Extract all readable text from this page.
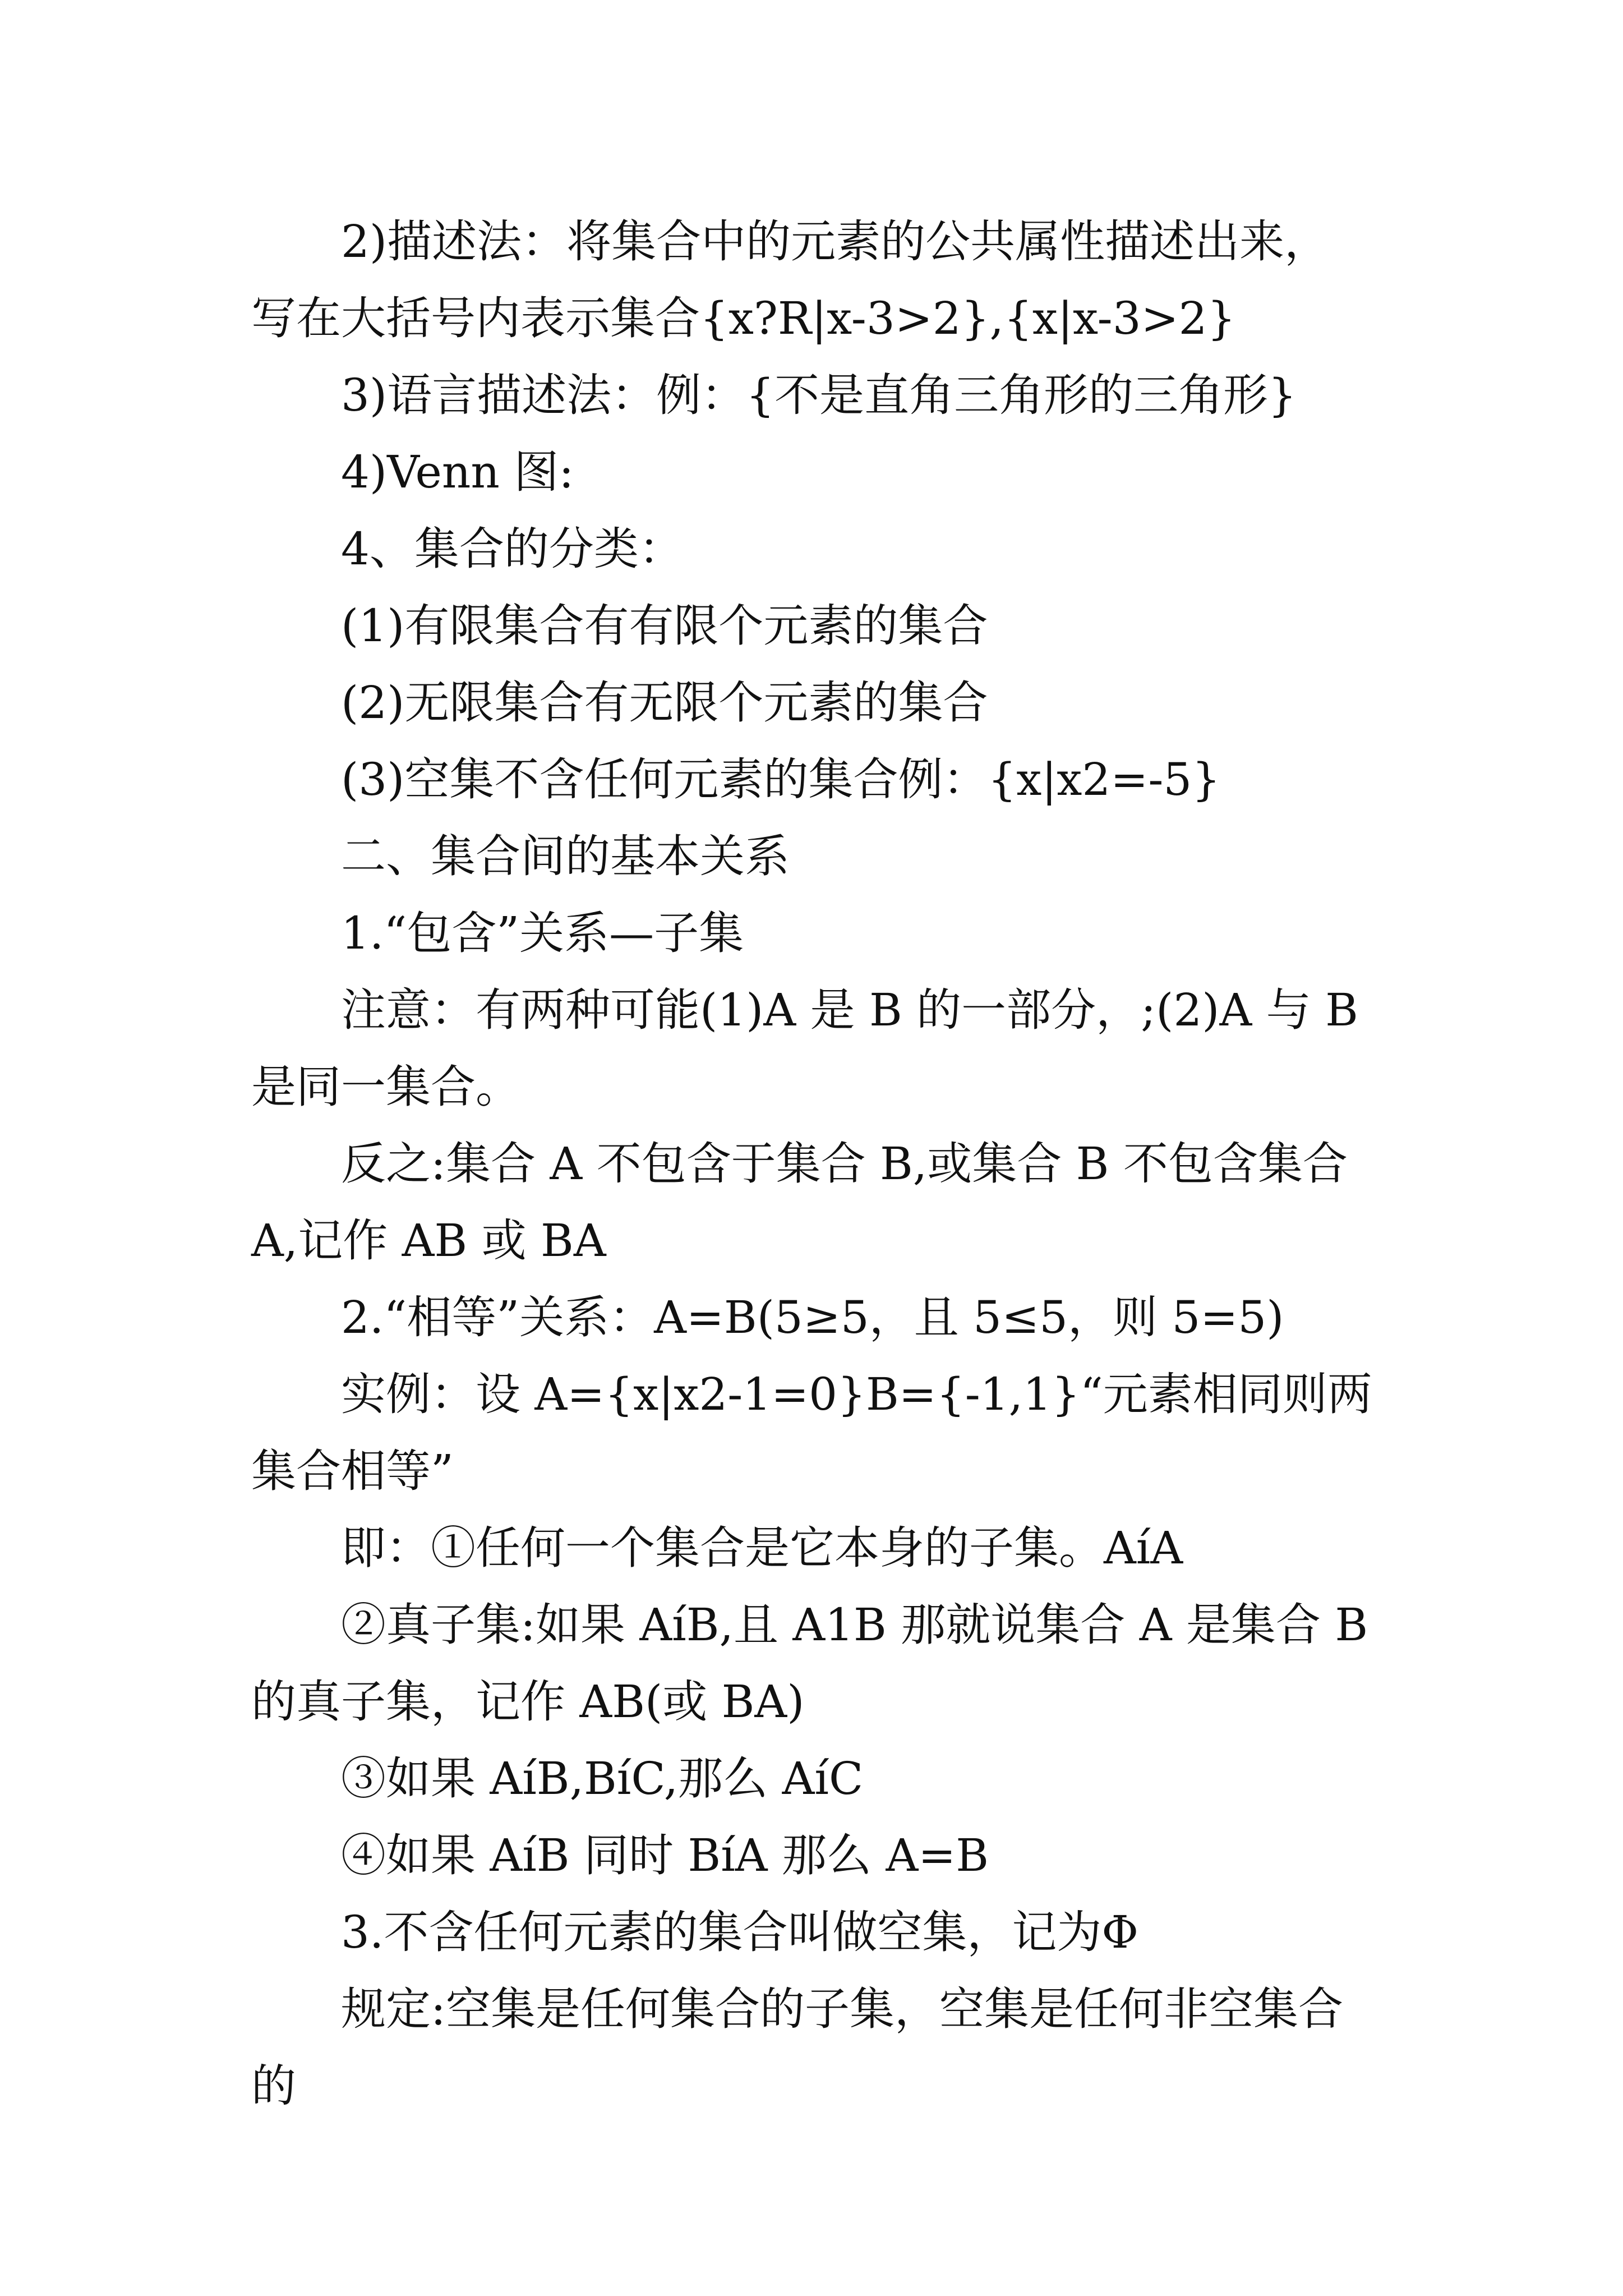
2)描述法：将集合中的元素的公共属性描述出来，写在大括号内表示集合{x?R|x-3>2},{x|x-3>2}

3)语言描述法：例：{不是直角三角形的三角形}

4)Venn 图:

4、集合的分类：

(1)有限集合有有限个元素的集合

(2)无限集合有无限个元素的集合

(3)空集不含任何元素的集合例：{x|x2=-5}

二、集合间的基本关系

1.“包含”关系—子集

注意：有两种可能(1)A 是 B 的一部分，;(2)A 与 B 是同一集合。

反之:集合 A 不包含于集合 B,或集合 B 不包含集合 A,记作 AB 或 BA

2.“相等”关系：A=B(5≥5，且 5≤5，则 5=5)

实例：设 A={x|x2-1=0}B={-1,1}“元素相同则两集合相等”

即：①任何一个集合是它本身的子集。AíA

②真子集:如果 AíB,且 A1B 那就说集合 A 是集合 B 的真子集，记作 AB(或 BA)

③如果 AíB,BíC,那么 AíC

④如果 AíB 同时 BíA 那么 A=B

3.不含任何元素的集合叫做空集，记为Φ

规定:空集是任何集合的子集，空集是任何非空集合的
